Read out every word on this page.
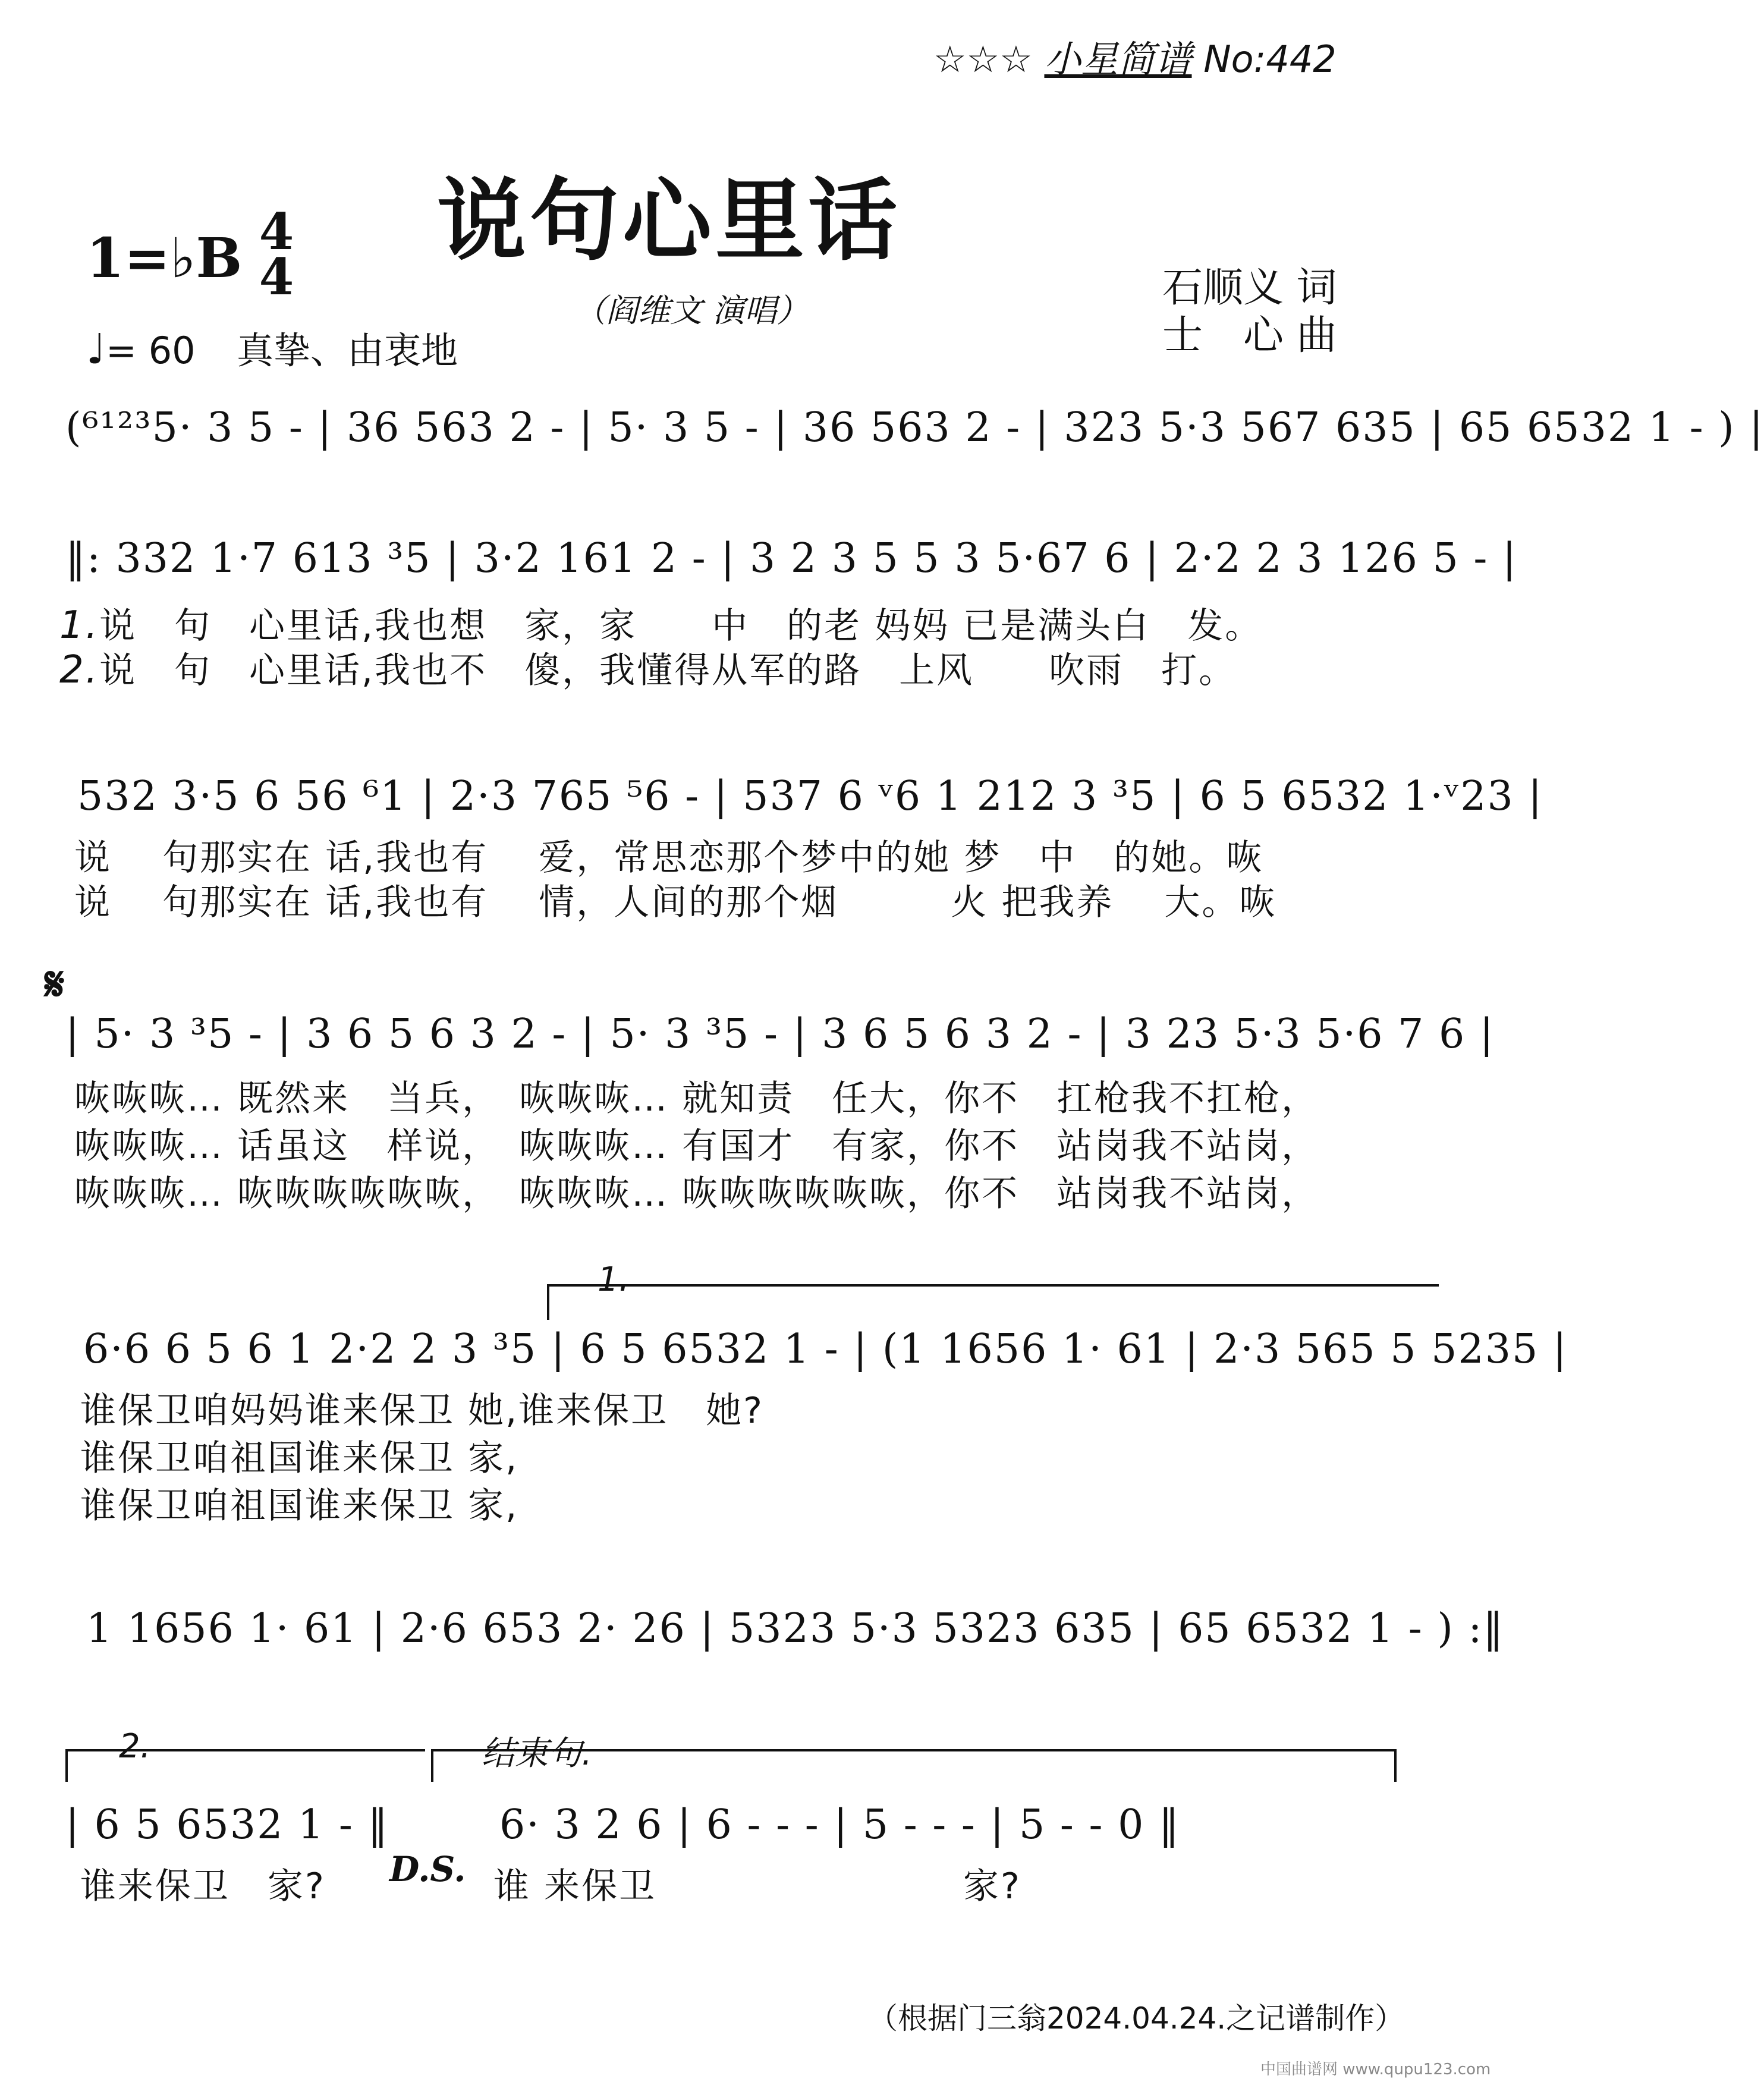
☆☆☆ 小星简谱 No:442
说句心里话
1=♭B 4
4
（阎维文 演唱）
♩= 60 真挚、由衷地
石顺义 词
士　心 曲
(⁶¹²³5· 3 5 - | 36 563 2 - | 5· 3 5 - | 36 563 2 - | 323 5·3 567 635 | 65 6532 1 - ) |
‖: 332 1·7 613 ³5 | 3·2 161 2 - | 3 2 3 5 5 3 5·67 6 | 2·2 2 3 126 5 - |
1.说　句　心里话,我也想　家，家　　中　的老 妈妈 已是满头白　发。
2.说　句　心里话,我也不　傻，我懂得从军的路　上风　　吹雨　打。
532 3·5 6 56 ⁶1 | 2·3 765 ⁵6 - | 537 6 ᵛ6 1 212 3 ³5 | 6 5 6532 1·ᵛ23 |
说　 句那实在 话,我也有　 爱，常思恋那个梦中的她 梦　中　的她。咴
说　 句那实在 话,我也有　 情，人间的那个烟　　　火 把我养　 大。咴
𝄋
| 5· 3 ³5 - | 3 6 5 6 3 2 - | 5· 3 ³5 - | 3 6 5 6 3 2 - | 3 23 5·3 5·6 7 6 |
咴咴咴… 既然来　当兵，　咴咴咴… 就知责　任大，你不　扛枪我不扛枪，
咴咴咴… 话虽这　样说，　咴咴咴… 有国才　有家，你不　站岗我不站岗，
咴咴咴… 咴咴咴咴咴咴，　咴咴咴… 咴咴咴咴咴咴，你不　站岗我不站岗，
1.
6·6 6 5 6 1 2·2 2 3 ³5 | 6 5 6532 1 - | (1 1656 1· 61 | 2·3 565 5 5235 |
谁保卫咱妈妈谁来保卫 她,谁来保卫　她?
谁保卫咱祖国谁来保卫 家,
谁保卫咱祖国谁来保卫 家,
1 1656 1· 61 | 2·6 653 2· 26 | 5323 5·3 5323 635 | 65 6532 1 - ) :‖
2.	结束句.
| 6 5 6532 1 - ‖	6· 3 2 6 | 6 - - - | 5 - - - | 5 - - 0 ‖
谁来保卫　家? D.S. 谁 来保卫	家?
（根据门三翁2024.04.24.之记谱制作）
中国曲谱网 www.qupu123.com
